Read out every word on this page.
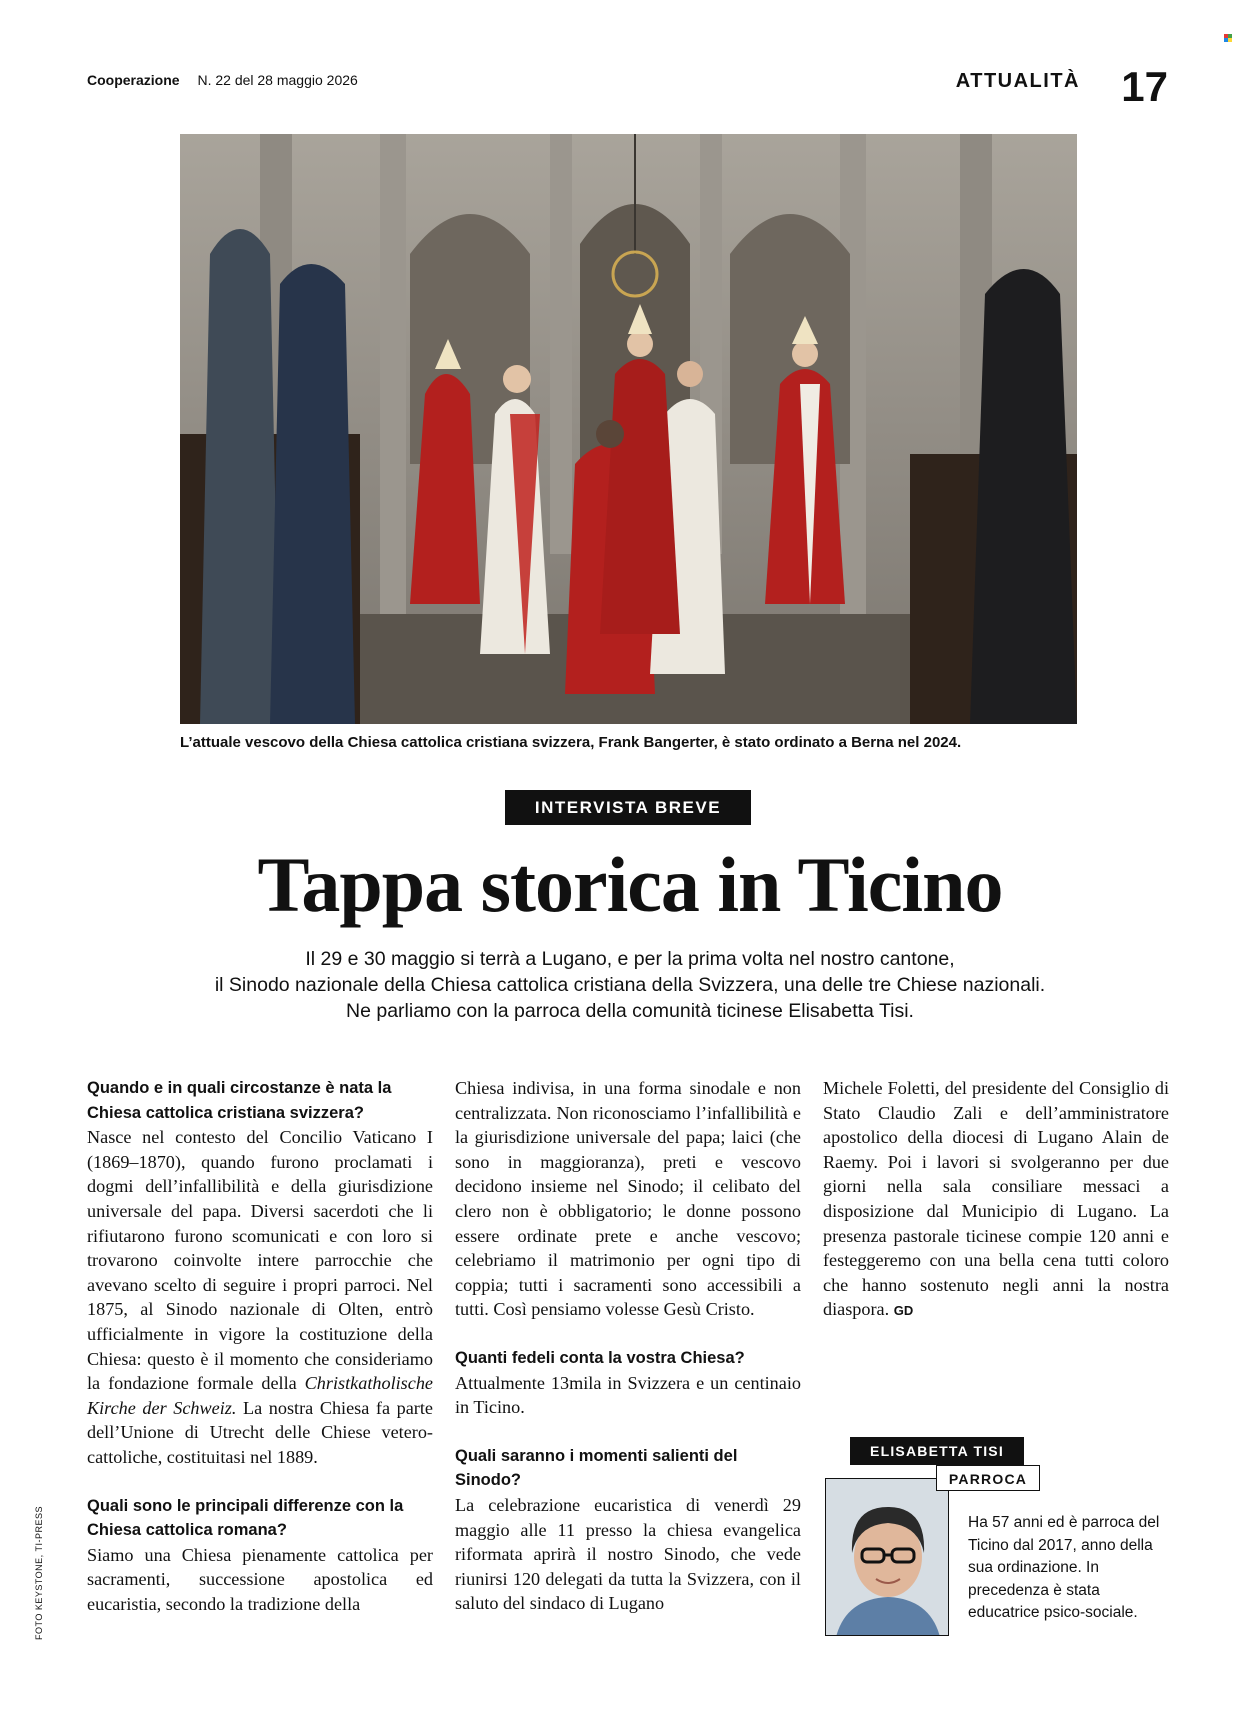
Cooperazione N. 22 del 28 maggio 2026	ATTUALITÀ 17
L’attuale vescovo della Chiesa cattolica cristiana svizzera, Frank Bangerter, è stato ordinato a Berna nel 2024.
INTERVISTA BREVE
Tappa storica in Ticino
Il 29 e 30 maggio si terrà a Lugano, e per la prima volta nel nostro cantone,
il Sinodo nazionale della Chiesa cattolica cristiana della Svizzera, una delle tre Chiese nazionali.
Ne parliamo con la parroca della comunità ticinese Elisabetta Tisi.
Quando e in quali circostanze è nata la Chiesa cattolica cristiana svizzera?
Nasce nel contesto del Concilio Vaticano I (1869–1870), quando furono proclamati i dogmi dell’infallibilità e della giurisdizione universale del papa. Diversi sacerdoti che li rifiutarono furono scomunicati e con loro si trovarono coinvolte intere parrocchie che avevano scelto di seguire i propri parroci. Nel 1875, al Sinodo nazionale di Olten, entrò ufficialmente in vigore la costituzione della Chiesa: questo è il momento che consideriamo la fondazione formale della Christkatholische Kirche der Schweiz. La nostra Chiesa fa parte dell’Unione di Utrecht delle Chiese vetero-cattoliche, costituitasi nel 1889.
Quali sono le principali differenze con la Chiesa cattolica romana?
Siamo una Chiesa pienamente cattolica per sacramenti, successione apostolica ed eucaristia, secondo la tradizione della
Chiesa indivisa, in una forma sinodale e non centralizzata. Non riconosciamo l’infallibilità e la giurisdizione universale del papa; laici (che sono in maggioranza), preti e vescovo decidono insieme nel Sinodo; il celibato del clero non è obbligatorio; le donne possono essere ordinate prete e anche vescovo; celebriamo il matrimonio per ogni tipo di coppia; tutti i sacramenti sono accessibili a tutti. Così pensiamo volesse Gesù Cristo.
Quanti fedeli conta la vostra Chiesa?
Attualmente 13mila in Svizzera e un centinaio in Ticino.
Quali saranno i momenti salienti del Sinodo?
La celebrazione eucaristica di venerdì 29 maggio alle 11 presso la chiesa evangelica riformata aprirà il nostro Sinodo, che vede riunirsi 120 delegati da tutta la Svizzera, con il saluto del sindaco di Lugano
Michele Foletti, del presidente del Consiglio di Stato Claudio Zali e dell’amministratore apostolico della diocesi di Lugano Alain de Raemy. Poi i lavori si svolgeranno per due giorni nella sala consiliare messaci a disposizione dal Municipio di Lugano. La presenza pastorale ticinese compie 120 anni e festeggeremo con una bella cena tutti coloro che hanno sostenuto negli anni la nostra diaspora. GD
FOTO KEYSTONE, TI-PRESS
ELISABETTA TISI
PARROCA
Ha 57 anni ed è parroca del Ticino dal 2017, anno della sua ordinazione. In precedenza è stata educatrice psico-sociale.
